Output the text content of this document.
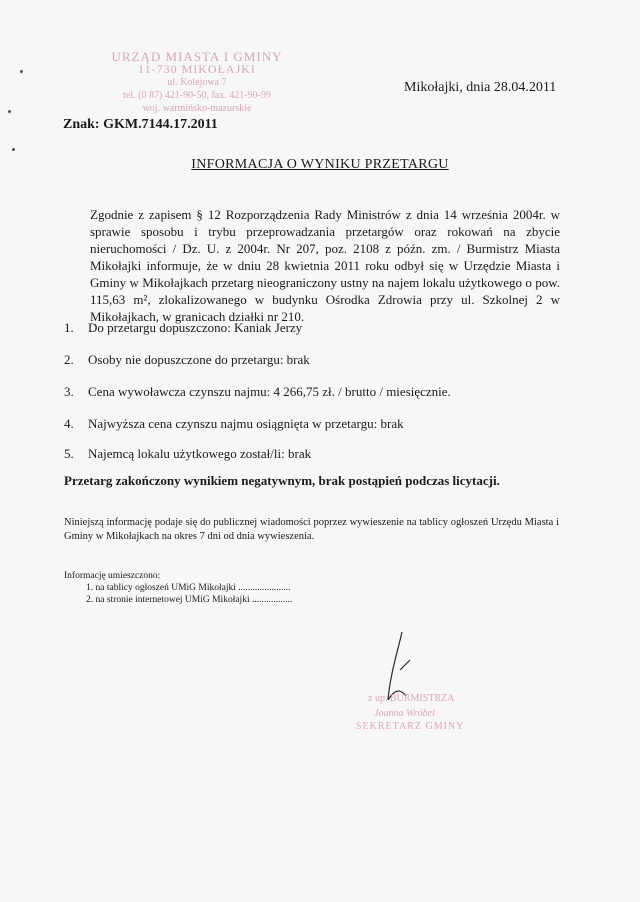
URZĄD MIASTA I GMINY
11-730 MIKOŁAJKI
ul. Kolejowa 7
tel. (0 87) 421-90-50, fax. 421-90-99
woj. warmińsko-mazurskie
Mikołajki, dnia 28.04.2011
Znak: GKM.7144.17.2011
INFORMACJA O WYNIKU PRZETARGU
Zgodnie z zapisem § 12 Rozporządzenia Rady Ministrów z dnia 14 września 2004r. w sprawie sposobu i trybu przeprowadzania przetargów oraz rokowań na zbycie nieruchomości / Dz. U. z 2004r. Nr 207, poz. 2108 z późn. zm. / Burmistrz Miasta Mikołajki informuje, że w dniu 28 kwietnia 2011 roku odbył się w Urzędzie Miasta i Gminy w Mikołajkach przetarg nieograniczony ustny na najem lokalu użytkowego o pow. 115,63 m², zlokalizowanego w budynku Ośrodka Zdrowia przy ul. Szkolnej 2 w Mikołajkach, w granicach działki nr 210.
1. Do przetargu dopuszczono: Kaniak Jerzy
2. Osoby nie dopuszczone do przetargu: brak
3. Cena wywoławcza czynszu najmu: 4 266,75 zł. / brutto / miesięcznie.
4. Najwyższa cena czynszu najmu osiągnięta w przetargu: brak
5. Najemcą lokalu użytkowego został/li: brak
Przetarg zakończony wynikiem negatywnym, brak postąpień podczas licytacji.
Niniejszą informację podaje się do publicznej wiadomości poprzez wywieszenie na tablicy ogłoszeń Urzędu Miasta i Gminy w Mikołajkach na okres 7 dni od dnia wywieszenia.
Informację umieszczono:
1. na tablicy ogłoszeń UMiG Mikołajki ......................
2. na stronie internetowej UMiG Mikołajki .................
z up. BURMISTRZA
Joanna Wróbel
SEKRETARZ GMINY
